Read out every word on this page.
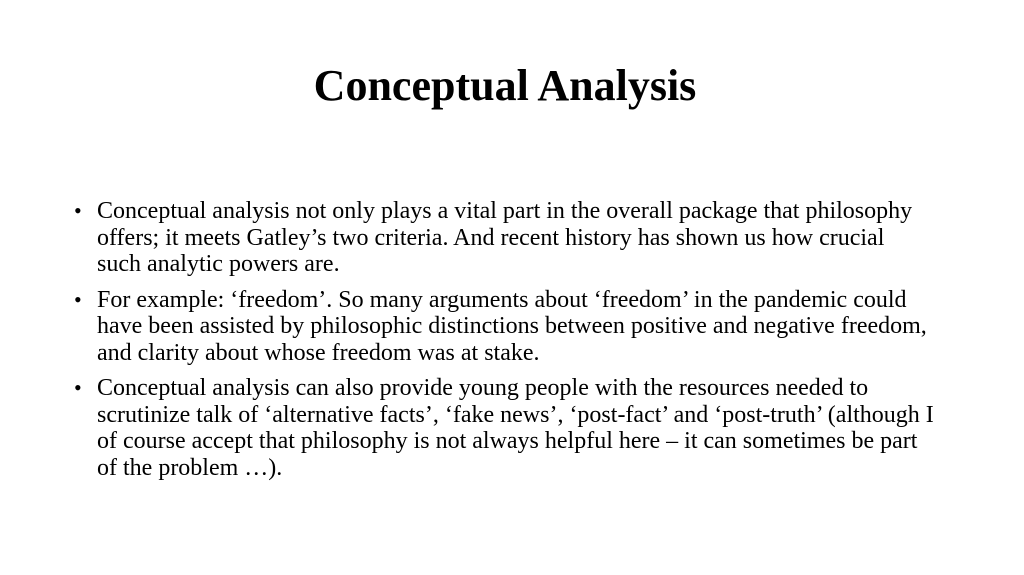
Conceptual Analysis
• Conceptual analysis not only plays a vital part in the overall package that philosophy offers; it meets Gatley’s two criteria. And recent history has shown us how crucial such analytic powers are.
• For example: ‘freedom’. So many arguments about ‘freedom’ in the pandemic could have been assisted by philosophic distinctions between positive and negative freedom, and clarity about whose freedom was at stake.
• Conceptual analysis can also provide young people with the resources needed to scrutinize talk of ‘alternative facts’, ‘fake news’, ‘post-fact’ and ‘post-truth’ (although I of course accept that philosophy is not always helpful here – it can sometimes be part of the problem …).
